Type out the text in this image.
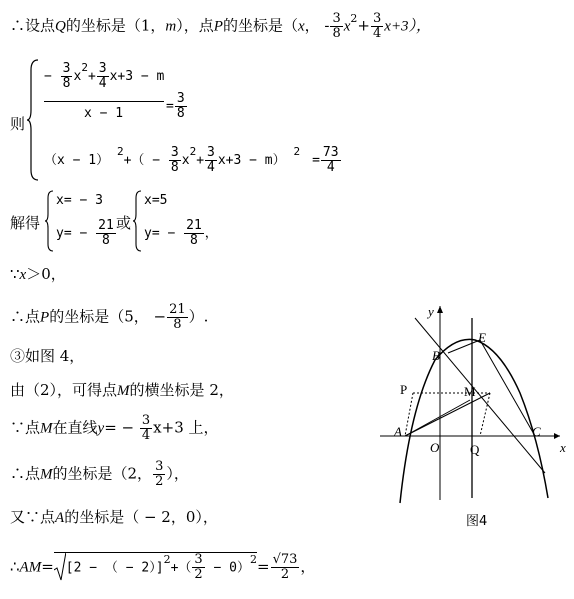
∴设点Q的坐标是（1，m），点P的坐标是（x， - $\frac{3}{8} x^2+ \frac{3}{4} x+3$），
则
− $\frac{3}{8} x^2+ \frac{3}{4} x+3 - m$
x − 1	= $\frac{3}{8}$
（x − 1） $^2+( - \frac{3}{8} x^2+ \frac{3}{4} x+3 - m)$ $^2= \frac{73}{4}$
解得
x= − 3
$y= - \frac{21}{8}$ 或
x=5
$y= - \frac{21}{8}$ ，
∵x＞0，
∴点P的坐标是（5， − $\frac{21}{8}$ ）.
③如图 4，
由（2），可得点M的横坐标是 2，
∵点M在直线$y= - \frac{3}{4} x+3$ 上，
∴点M的坐标是（2， $\frac{3}{2}$ ），
又∵点A的坐标是（ − 2，0），
∴AM= [2 − （ − $2)]^2+( \frac{3}{2} - 0)^2= \frac{√73}{2}$ ，
y
x
B
E
P	M
A
O Q
C
图4
